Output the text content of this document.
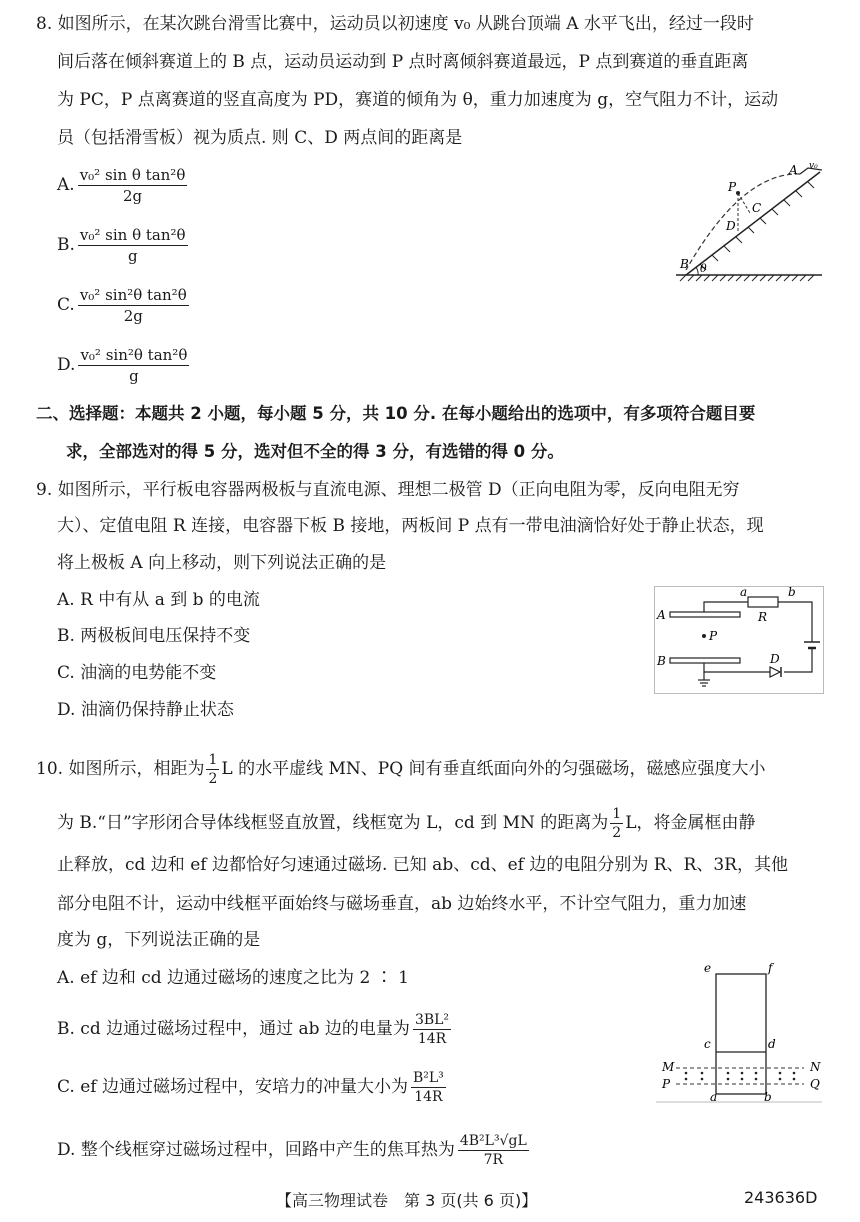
8. 如图所示，在某次跳台滑雪比赛中，运动员以初速度 v₀ 从跳台顶端 A 水平飞出，经过一段时
间后落在倾斜赛道上的 B 点，运动员运动到 P 点时离倾斜赛道最远，P 点到赛道的垂直距离
为 PC，P 点离赛道的竖直高度为 PD，赛道的倾角为 θ，重力加速度为 g，空气阻力不计，运动
员（包括滑雪板）视为质点. 则 C、D 两点间的距离是
A. $\frac{\text{v₀² sin θ tan²θ}}{2g}$
B. $\frac{\text{v₀² sin θ tan²θ}}{g}$
C. $\frac{\text{v₀² sin²θ tan²θ}}{2g}$
D. $\frac{\text{v₀² sin²θ tan²θ}}{g}$
A v₀
P
C
D
B θ
二、选择题：本题共 2 小题，每小题 5 分，共 10 分. 在每小题给出的选项中，有多项符合题目要
求，全部选对的得 5 分，选对但不全的得 3 分，有选错的得 0 分。
9. 如图所示，平行板电容器两极板与直流电源、理想二极管 D（正向电阻为零，反向电阻无穷
大）、定值电阻 R 连接，电容器下板 B 接地，两板间 P 点有一带电油滴恰好处于静止状态，现
将上极板 A 向上移动，则下列说法正确的是
A. R 中有从 a 到 b 的电流
B. 两极板间电压保持不变
C. 油滴的电势能不变
D. 油滴仍保持静止状态
A
B
P
a	b
R
D
10. 如图所示，相距为 $\frac{1}{2}$ L 的水平虚线 MN、PQ 间有垂直纸面向外的匀强磁场，磁感应强度大小
为 B.“日”字形闭合导体线框竖直放置，线框宽为 L，cd 到 MN 的距离为 $\frac{1}{2}$ L，将金属框由静
止释放，cd 边和 ef 边都恰好匀速通过磁场. 已知 ab、cd、ef 边的电阻分别为 R、R、3R，其他
部分电阻不计，运动中线框平面始终与磁场垂直，ab 边始终水平，不计空气阻力，重力加速
度为 g，下列说法正确的是
A. ef 边和 cd 边通过磁场的速度之比为 2 ∶ 1
B. cd 边通过磁场过程中，通过 ab 边的电量为 $\frac{\text{3BL²}}{14R}$
C. ef 边通过磁场过程中，安培力的冲量大小为 $\frac{\text{B²L³}}{14R}$
D. 整个线框穿过磁场过程中，回路中产生的焦耳热为 $\frac{\text{4B²L³√gL}}{7R}$
e	f
c	d
M	N
P	Q
a	b
【高三物理试卷　第 3 页(共 6 页)】	243636D
